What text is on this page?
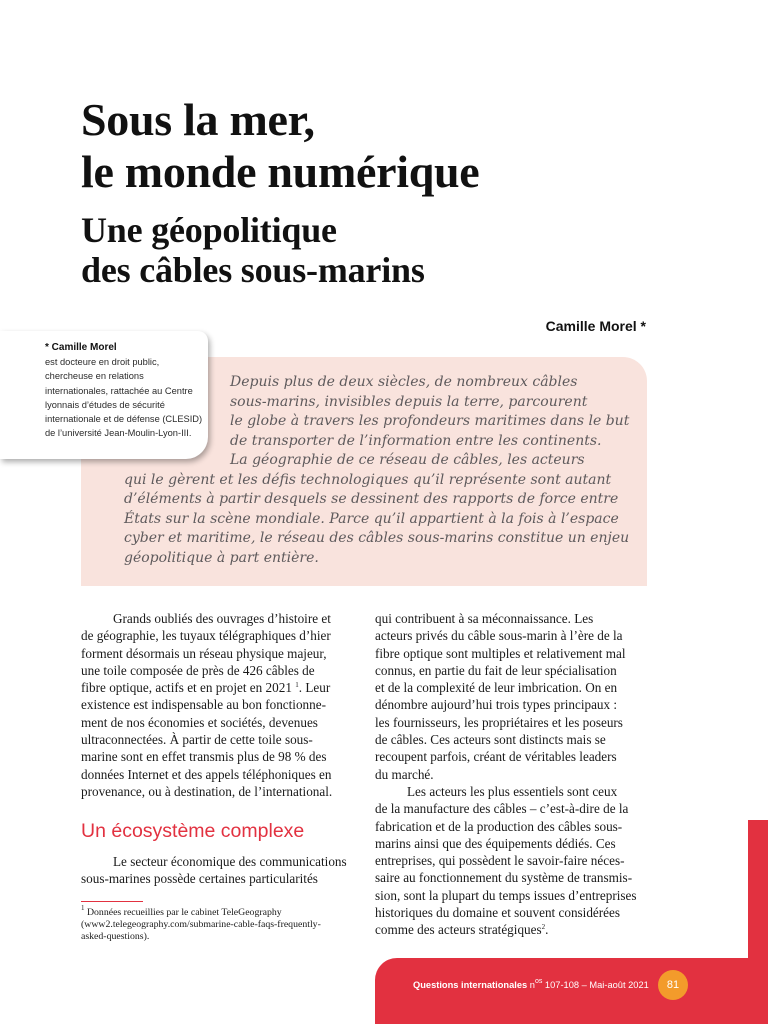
Sous la mer,
le monde numérique
Une géopolitique
des câbles sous-marins
Camille Morel *
Depuis plus de deux siècles, de nombreux câbles
sous-marins, invisibles depuis la terre, parcourent
le globe à travers les profondeurs maritimes dans le but
de transporter de l’information entre les continents.
La géographie de ce réseau de câbles, les acteurs
qui le gèrent et les défis technologiques qu’il représente sont autant
d’éléments à partir desquels se dessinent des rapports de force entre
États sur la scène mondiale. Parce qu’il appartient à la fois à l’espace
cyber et maritime, le réseau des câbles sous-marins constitue un enjeu
géopolitique à part entière.
* Camille Morel
est docteure en droit public,
chercheuse en relations
internationales, rattachée au Centre
lyonnais d’études de sécurité
internationale et de défense (CLESID)
de l’université Jean-Moulin-Lyon-III.
Grands oubliés des ouvrages d’histoire et
de géographie, les tuyaux télégraphiques d’hier
forment désormais un réseau physique majeur,
une toile composée de près de 426 câbles de
fibre optique, actifs et en projet en 2021 $^1$. Leur
existence est indispensable au bon fonctionne-
ment de nos économies et sociétés, devenues
ultraconnectées. À partir de cette toile sous-
marine sont en effet transmis plus de 98 % des
données Internet et des appels téléphoniques en
provenance, ou à destination, de l’international.
Un écosystème complexe
Le secteur économique des communications
sous-marines possède certaines particularités
$^1$ Données recueillies par le cabinet TeleGeography
(www2.telegeography.com/submarine-cable-faqs-frequently-
asked-questions).
qui contribuent à sa méconnaissance. Les
acteurs privés du câble sous-marin à l’ère de la
fibre optique sont multiples et relativement mal
connus, en partie du fait de leur spécialisation
et de la complexité de leur imbrication. On en
dénombre aujourd’hui trois types principaux :
les fournisseurs, les propriétaires et les poseurs
de câbles. Ces acteurs sont distincts mais se
recoupent parfois, créant de véritables leaders
du marché.
Les acteurs les plus essentiels sont ceux
de la manufacture des câbles – c’est-à-dire de la
fabrication et de la production des câbles sous-
marins ainsi que des équipements dédiés. Ces
entreprises, qui possèdent le savoir-faire néces-
saire au fonctionnement du système de transmis-
sion, sont la plupart du temps issues d’entreprises
historiques du domaine et souvent considérées
comme des acteurs stratégiques$^2$.
Questions internationales $n^{os}$ 107-108 – Mai-août 2021	81
